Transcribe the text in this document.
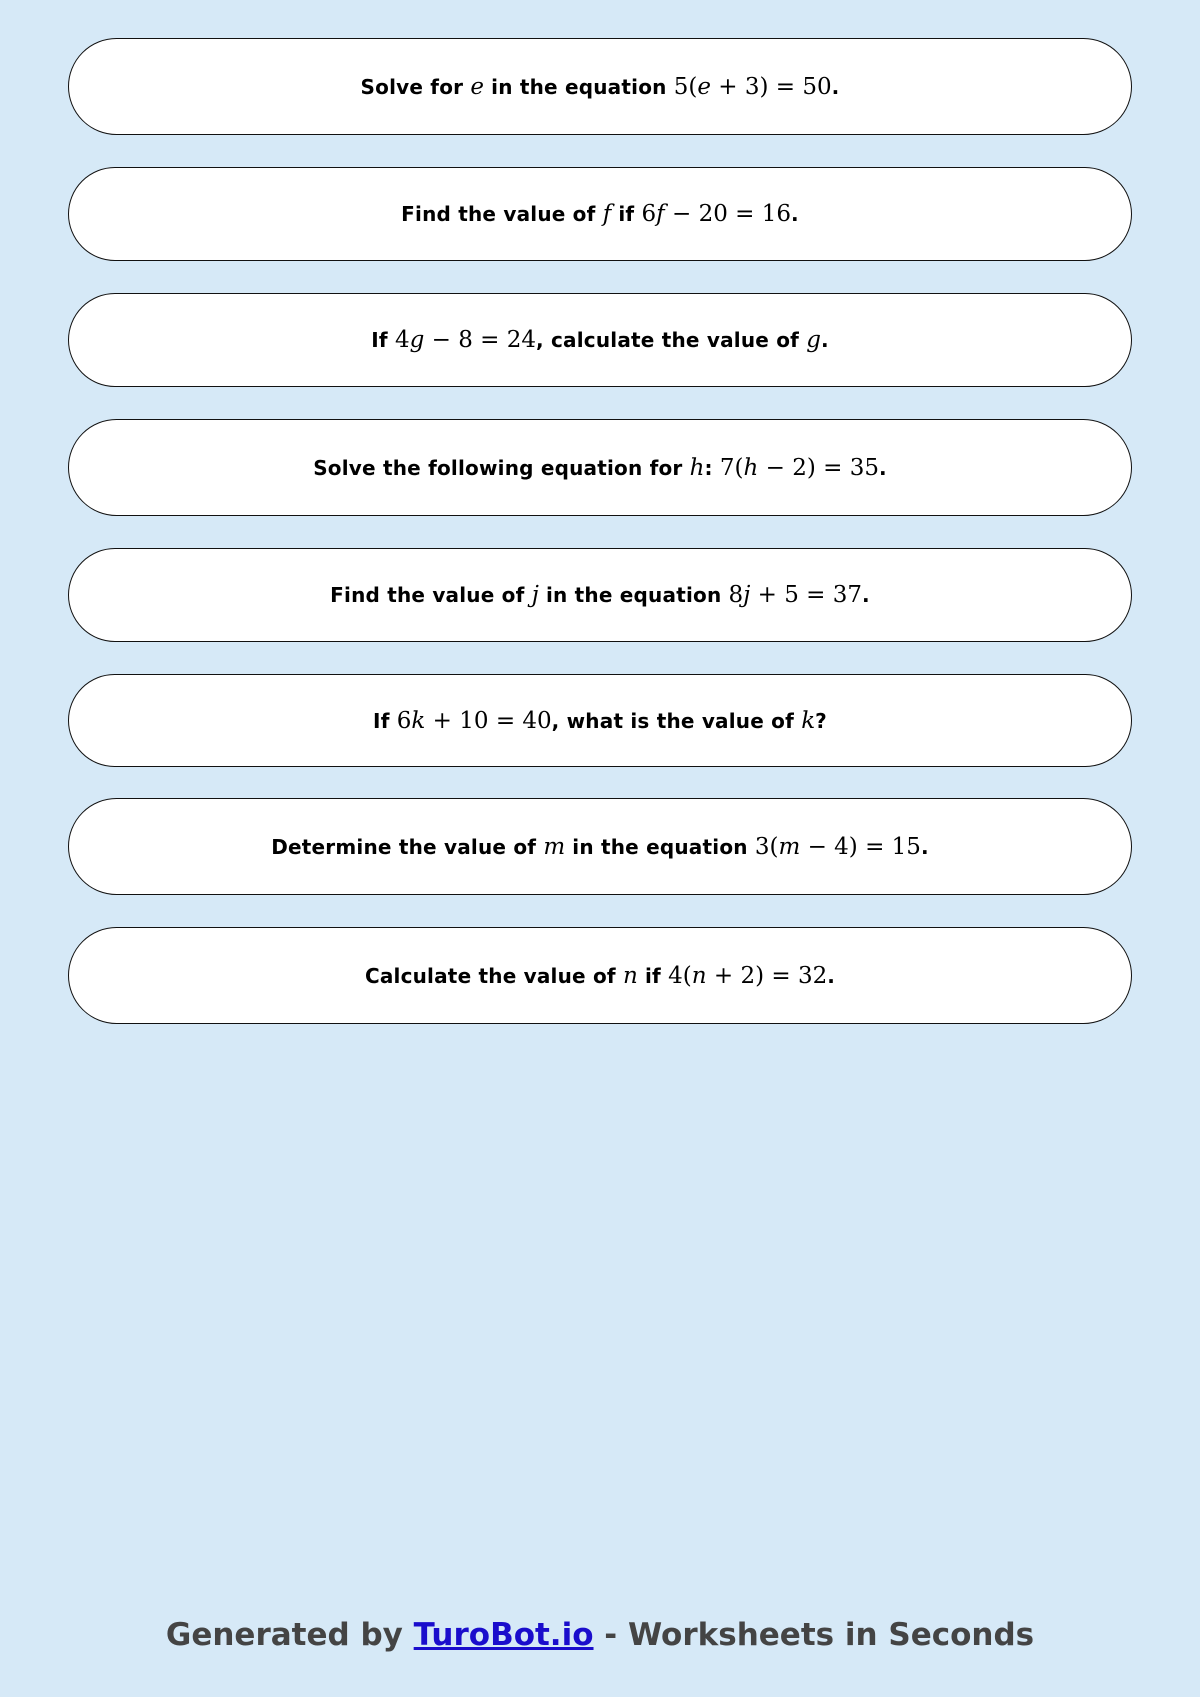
Solve for e in the equation 5(e + 3) = 50.
Find the value of f if 6f − 20 = 16.
If 4g − 8 = 24, calculate the value of g.
Solve the following equation for h: 7(h − 2) = 35.
Find the value of j in the equation 8j + 5 = 37.
If 6k + 10 = 40, what is the value of k?
Determine the value of m in the equation 3(m − 4) = 15.
Calculate the value of n if 4(n + 2) = 32.
Generated by TuroBot.io - Worksheets in Seconds
